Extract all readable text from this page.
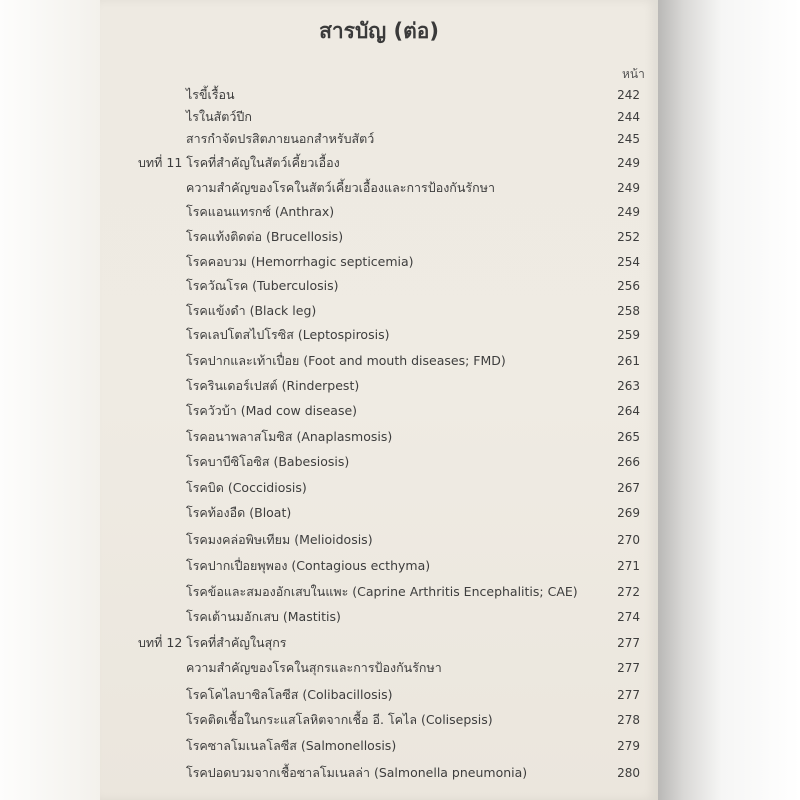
สารบัญ (ต่อ)
หน้า
ไรขี้เรื้อน	242
ไรในสัตว์ปีก	244
สารกำจัดปรสิตภายนอกสำหรับสัตว์	245
บทที่ 11 โรคที่สำคัญในสัตว์เคี้ยวเอื้อง	249
ความสำคัญของโรคในสัตว์เคี้ยวเอื้องและการป้องกันรักษา	249
โรคแอนแทรกซ์ (Anthrax)	249
โรคแท้งติดต่อ (Brucellosis)	252
โรคคอบวม (Hemorrhagic septicemia)	254
โรควัณโรค (Tuberculosis)	256
โรคแข้งดำ (Black leg)	258
โรคเลปโตสไปโรซิส (Leptospirosis)	259
โรคปากและเท้าเปื่อย (Foot and mouth diseases; FMD)	261
โรครินเดอร์เปสต์ (Rinderpest)	263
โรควัวบ้า (Mad cow disease)	264
โรคอนาพลาสโมซิส (Anaplasmosis)	265
โรคบาบีซิโอซิส (Babesiosis)	266
โรคบิด (Coccidiosis)	267
โรคท้องอืด (Bloat)	269
โรคมงคล่อพิษเทียม (Melioidosis)	270
โรคปากเปื่อยพุพอง (Contagious ecthyma)	271
โรคข้อและสมองอักเสบในแพะ (Caprine Arthritis Encephalitis; CAE)	272
โรคเต้านมอักเสบ (Mastitis)	274
บทที่ 12 โรคที่สำคัญในสุกร	277
ความสำคัญของโรคในสุกรและการป้องกันรักษา	277
โรคโคไลบาซิลโลซีส (Colibacillosis)	277
โรคติดเชื้อในกระแสโลหิตจากเชื้อ อี. โคไล (Colisepsis)	278
โรคซาลโมเนลโลซีส (Salmonellosis)	279
โรคปอดบวมจากเชื้อซาลโมเนลล่า (Salmonella pneumonia)	280
